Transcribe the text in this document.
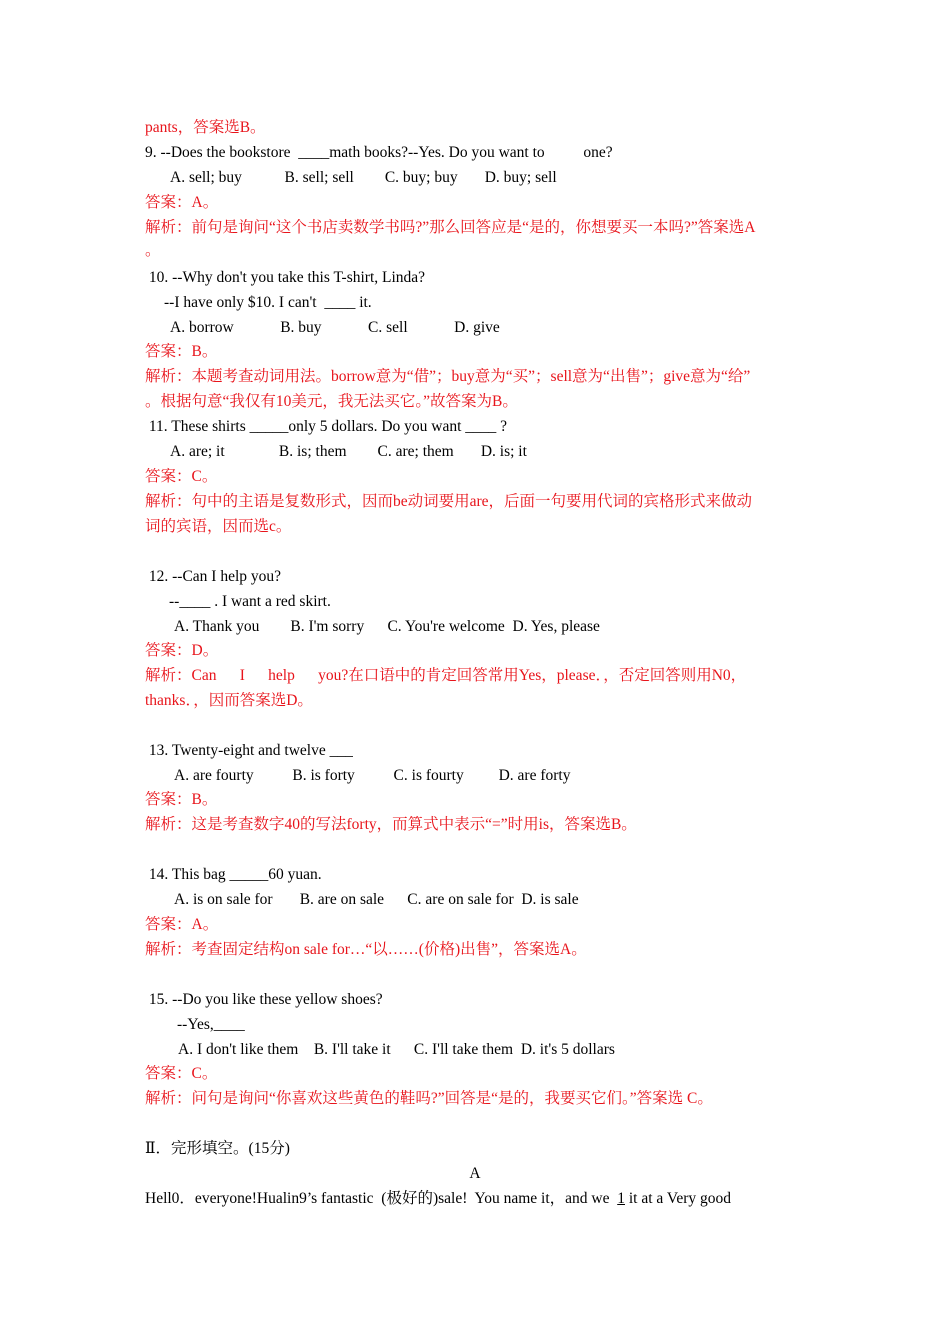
pants，答案选B。
9. --Does the bookstore  ____math books?--Yes. Do you want to          one?
A. sell; buy           B. sell; sell        C. buy; buy       D. buy; sell
答案：A。
解析：前句是询问“这个书店卖数学书吗?”那么回答应是“是的，你想要买一本吗?”答案选A
。
10. --Why don't you take this T-shirt, Linda?
--I have only $10. I can't  ____ it.
A. borrow            B. buy            C. sell            D. give
答案：B。
解析：本题考查动词用法。borrow意为“借”；buy意为“买”；sell意为“出售”；give意为“给”
。根据句意“我仅有10美元，我无法买它。”故答案为B。
11. These shirts _____only 5 dollars. Do you want ____ ?
A. are; it              B. is; them        C. are; them       D. is; it
答案：C。
解析：句中的主语是复数形式，因而be动词要用are，后面一句要用代词的宾格形式来做动
词的宾语，因而选c。
12. --Can I help you?
--____ . I want a red skirt.
A. Thank you        B. I'm sorry      C. You're welcome  D. Yes, please
答案：D。
解析：Can      I      help      you?在口语中的肯定回答常用Yes，please．，否定回答则用N0，
thanks．，因而答案选D。
13. Twenty-eight and twelve ___
A. are fourty          B. is forty          C. is fourty         D. are forty
答案：B。
解析：这是考查数字40的写法forty，而算式中表示“=”时用is，答案选B。
14. This bag _____60 yuan.
A. is on sale for       B. are on sale      C. are on sale for  D. is sale
答案：A。
解析：考查固定结构on sale for…“以……(价格)出售”，答案选A。
15. --Do you like these yellow shoes?
--Yes,____
A. I don't like them    B. I'll take it      C. I'll take them  D. it's 5 dollars
答案：C。
解析：问句是询问“你喜欢这些黄色的鞋吗?”回答是“是的，我要买它们。”答案选 C。
Ⅱ．完形填空。(15分)
A
Hell0．everyone!Hualin9’s fantastic  (极好的)sale!  You name it，and we  1 it at a Very good
